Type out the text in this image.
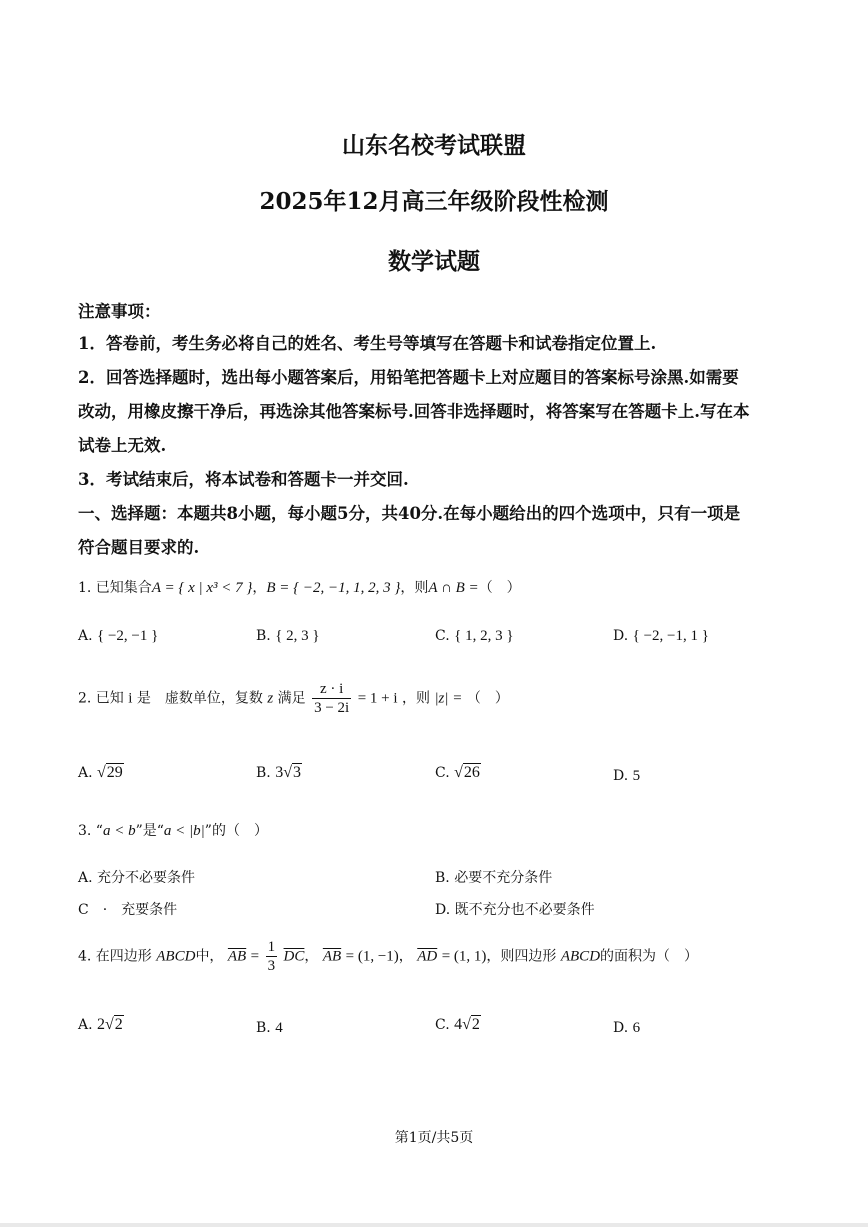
山东名校考试联盟
2025年12月高三年级阶段性检测
数学试题
注意事项：
1．答卷前，考生务必将自己的姓名、考生号等填写在答题卡和试卷指定位置上.
2．回答选择题时，选出每小题答案后，用铅笔把答题卡上对应题目的答案标号涂黑.如需要
改动，用橡皮擦干净后，再选涂其他答案标号.回答非选择题时，将答案写在答题卡上.写在本
试卷上无效.
3．考试结束后，将本试卷和答题卡一并交回.
一、选择题：本题共8小题，每小题5分，共40分.在每小题给出的四个选项中，只有一项是
符合题目要求的.
1. 已知集合A = { x | x³ < 7 }，B = { −2, −1, 1, 2, 3 }，则A ∩ B =（　）
A. { −2, −1 }	B. { 2, 3 }	C. { 1, 2, 3 }	D. { −2, −1, 1 }
2. 已知 i 是　虚数单位，复数 z 满足 $\frac{z \cdot i}{3 - 2i} = 1 + i$ ，则 |z| = （　）
A. √29	B. 3√3	C. √26	D. 5
3. “a < b”是“a < |b|”的（　）
A. 充分不必要条件	B. 必要不充分条件
C　·　 充要条件	D. 既不充分也不必要条件
4. 在四边形 ABCD中， $\overline{AB} = \frac{1}{3} \overline{DC}$， $\overline{AB} = (1$, −1)， $\overline{AD} = (1$, 1)，则四边形 ABCD的面积为（　）
A. 2√2	B. 4	C. 4√2	D. 6
第1页/共5页
